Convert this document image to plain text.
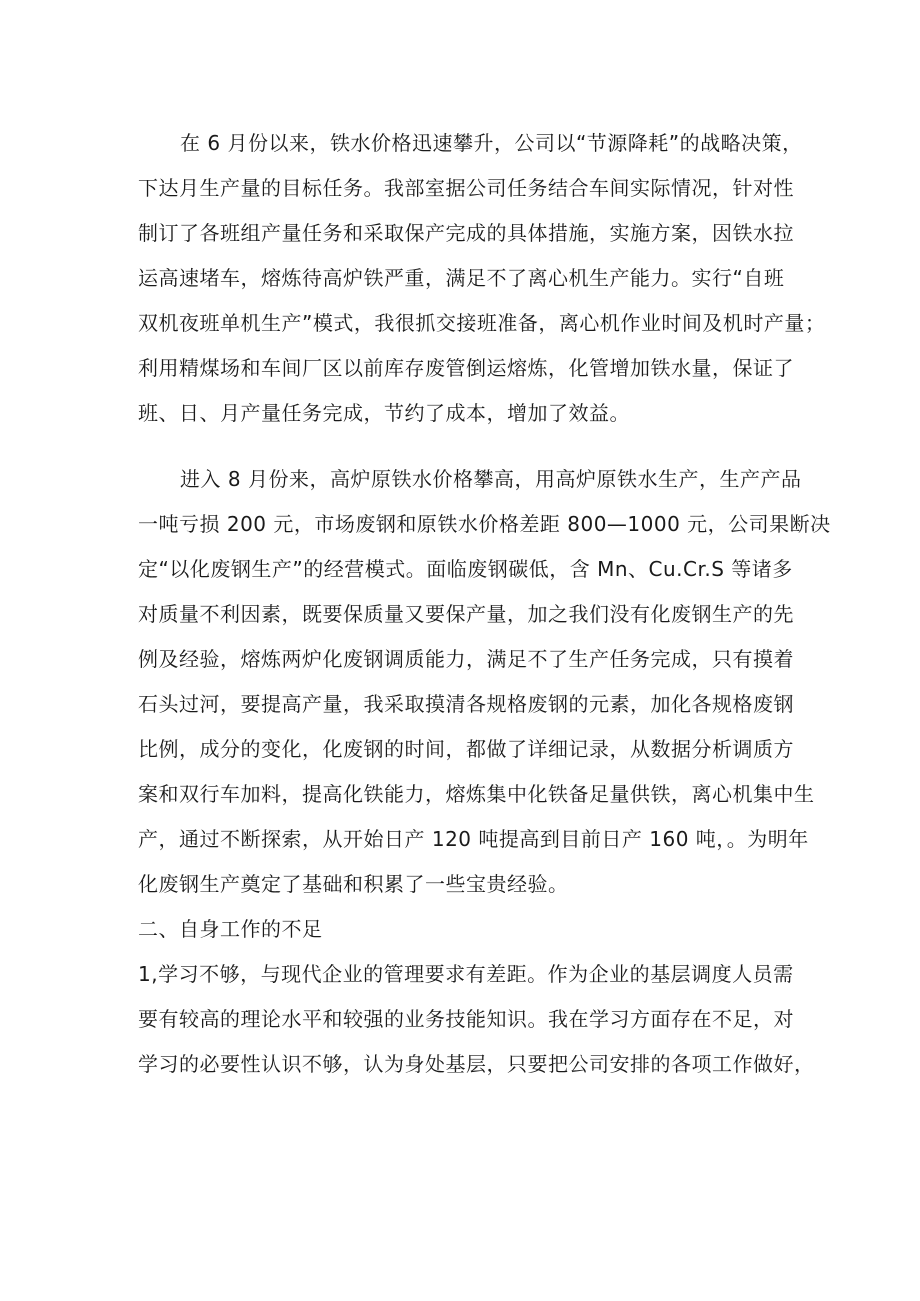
在 6 月份以来，铁水价格迅速攀升，公司以“节源降耗”的战略决策，
下达月生产量的目标任务。我部室据公司任务结合车间实际情况，针对性
制订了各班组产量任务和采取保产完成的具体措施，实施方案，因铁水拉
运高速堵车，熔炼待高炉铁严重，满足不了离心机生产能力。实行“自班
双机夜班单机生产”模式，我很抓交接班准备，离心机作业时间及机时产量；
利用精煤场和车间厂区以前库存废管倒运熔炼，化管增加铁水量，保证了
班、日、月产量任务完成，节约了成本，增加了效益。
进入 8 月份来，高炉原铁水价格攀高，用高炉原铁水生产，生产产品
一吨亏损 200 元，市场废钢和原铁水价格差距 800—1000 元，公司果断决
定“以化废钢生产”的经营模式。面临废钢碳低，含 Mn、Cu.Cr.S 等诸多
对质量不利因素，既要保质量又要保产量，加之我们没有化废钢生产的先
例及经验，熔炼两炉化废钢调质能力，满足不了生产任务完成，只有摸着
石头过河，要提高产量，我采取摸清各规格废钢的元素，加化各规格废钢
比例，成分的变化，化废钢的时间，都做了详细记录，从数据分析调质方
案和双行车加料，提高化铁能力，熔炼集中化铁备足量供铁，离心机集中生
产，通过不断探索，从开始日产 120 吨提高到目前日产 160 吨，。为明年
化废钢生产奠定了基础和积累了一些宝贵经验。
二、自身工作的不足
1,学习不够，与现代企业的管理要求有差距。作为企业的基层调度人员需
要有较高的理论水平和较强的业务技能知识。我在学习方面存在不足，对
学习的必要性认识不够，认为身处基层，只要把公司安排的各项工作做好，
